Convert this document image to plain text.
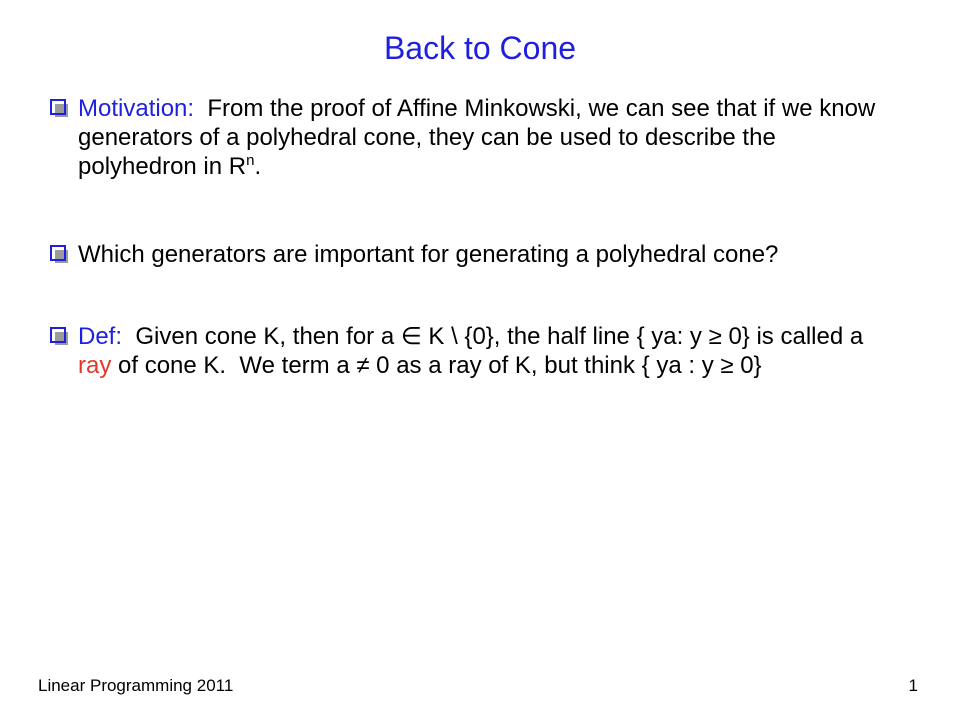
Back to Cone
Motivation:  From the proof of Affine Minkowski, we can see that if we know generators of a polyhedral cone, they can be used to describe the polyhedron in $R^n$.
Which generators are important for generating a polyhedral cone?
Def:  Given cone K, then for a ∈ K \ {0}, the half line { ya: y ≥ 0} is called a ray of cone K.  We term a ≠ 0 as a ray of K, but think { ya : y ≥ 0}
Linear Programming 2011	1
